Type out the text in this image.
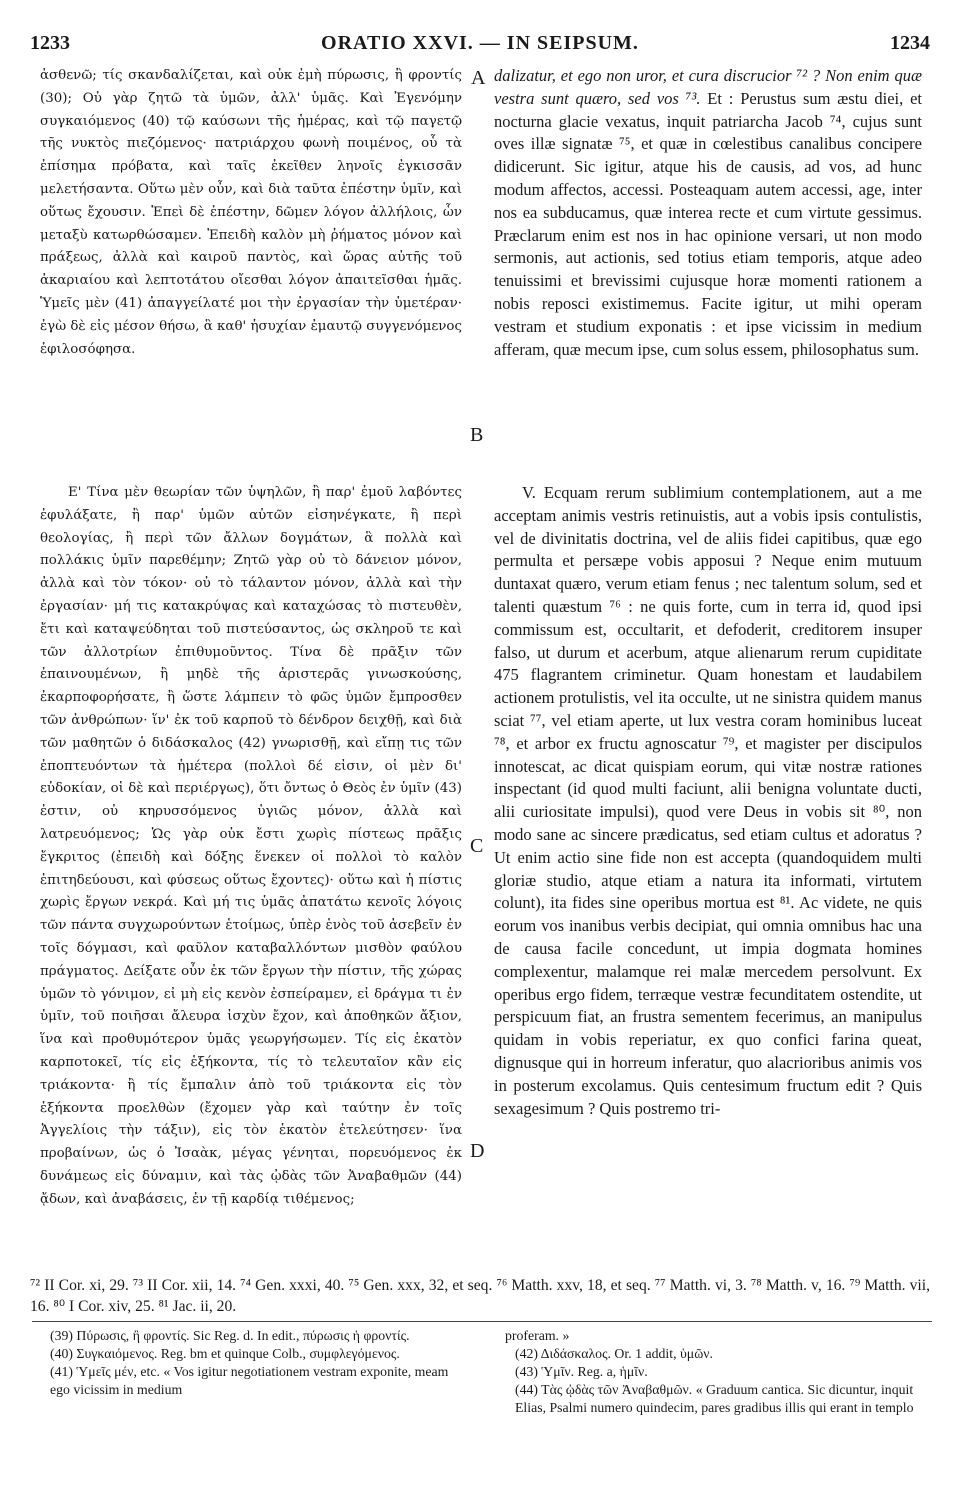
1233	ORATIO XXVI. — IN SEIPSUM.	1234

ἀσθενῶ; τίς σκανδαλίζεται, καὶ οὐκ ἐμὴ πύρωσις, ἢ φροντίς (30); Οὐ γὰρ ζητῶ τὰ ὑμῶν, ἀλλ' ὑμᾶς. Καὶ Ἐγενόμην συγκαιόμενος (40) τῷ καύσωνι τῆς ἡμέρας, καὶ τῷ παγετῷ τῆς νυκτὸς πιεζόμενος· πατριάρχου φωνὴ ποιμένος, οὗ τὰ ἐπίσημα πρόβατα, καὶ ταῖς ἐκεῖθεν ληνοῖς ἐγκισσᾶν μελετήσαντα. Οὕτω μὲν οὖν, καὶ διὰ ταῦτα ἐπέστην ὑμῖν, καὶ οὕτως ἔχουσιν. Ἐπεὶ δὲ ἐπέστην, δῶμεν λόγον ἀλλήλοις, ὧν μεταξὺ κατωρθώσαμεν. Ἐπειδὴ καλὸν μὴ ῥήματος μόνον καὶ πράξεως, ἀλλὰ καὶ καιροῦ παντὸς, καὶ ὥρας αὐτῆς τοῦ ἀκαριαίου καὶ λεπτοτάτου οἴεσθαι λόγον ἀπαιτεῖσθαι ἡμᾶς. Ὑμεῖς μὲν (41) ἀπαγγείλατέ μοι τὴν ἐργασίαν τὴν ὑμετέραν· ἐγὼ δὲ εἰς μέσον θήσω, ἃ καθ' ἡσυχίαν ἐμαυτῷ συγγενόμενος ἐφιλοσόφησα.

Ε' Τίνα μὲν θεωρίαν τῶν ὑψηλῶν, ἢ παρ' ἐμοῦ λαβόντες ἐφυλάξατε, ἢ παρ' ὑμῶν αὐτῶν εἰσηνέγκατε, ἢ περὶ θεολογίας, ἢ περὶ τῶν ἄλλων δογμάτων, ἃ πολλὰ καὶ πολλάκις ὑμῖν παρεθέμην; Ζητῶ γὰρ οὐ τὸ δάνειον μόνον, ἀλλὰ καὶ τὸν τόκον· οὐ τὸ τάλαντον μόνον, ἀλλὰ καὶ τὴν ἐργασίαν· μή τις κατακρύψας καὶ καταχώσας τὸ πιστευθὲν, ἔτι καὶ καταψεύδηται τοῦ πιστεύσαντος, ὡς σκληροῦ τε καὶ τῶν ἀλλοτρίων ἐπιθυμοῦντος. Τίνα δὲ πρᾶξιν τῶν ἐπαινουμένων, ἢ μηδὲ τῆς ἀριστερᾶς γινωσκούσης, ἐκαρποφορήσατε, ἢ ὥστε λάμπειν τὸ φῶς ὑμῶν ἔμπροσθεν τῶν ἀνθρώπων· ἵν' ἐκ τοῦ καρποῦ τὸ δένδρον δειχθῇ, καὶ διὰ τῶν μαθητῶν ὁ διδάσκαλος (42) γνωρισθῇ, καὶ εἴπῃ τις τῶν ἐποπτευόντων τὰ ἡμέτερα (πολλοὶ δέ εἰσιν, οἱ μὲν δι' εὐδοκίαν, οἱ δὲ καὶ περιέργως), ὅτι ὄντως ὁ Θεὸς ἐν ὑμῖν (43) ἐστιν, οὐ κηρυσσόμενος ὑγιῶς μόνον, ἀλλὰ καὶ λατρευόμενος; Ὡς γὰρ οὐκ ἔστι χωρὶς πίστεως πρᾶξις ἔγκριτος (ἐπειδὴ καὶ δόξης ἕνεκεν οἱ πολλοὶ τὸ καλὸν ἐπιτηδεύουσι, καὶ φύσεως οὕτως ἔχοντες)· οὕτω καὶ ἡ πίστις χωρὶς ἔργων νεκρά. Καὶ μή τις ὑμᾶς ἀπατάτω κενοῖς λόγοις τῶν πάντα συγχωρούντων ἑτοίμως, ὑπὲρ ἑνὸς τοῦ ἀσεβεῖν ἐν τοῖς δόγμασι, καὶ φαῦλον καταβαλλόντων μισθὸν φαύλου πράγματος. Δείξατε οὖν ἐκ τῶν ἔργων τὴν πίστιν, τῆς χώρας ὑμῶν τὸ γόνιμον, εἰ μὴ εἰς κενὸν ἐσπείραμεν, εἰ δράγμα τι ἐν ὑμῖν, τοῦ ποιῆσαι ἄλευρα ἰσχὺν ἔχον, καὶ ἀποθηκῶν ἄξιον, ἵνα καὶ προθυμότερον ὑμᾶς γεωργήσωμεν. Τίς εἰς ἑκατὸν καρποτοκεῖ, τίς εἰς ἑξήκοντα, τίς τὸ τελευταῖον κἂν εἰς τριάκοντα· ἢ τίς ἔμπαλιν ἀπὸ τοῦ τριάκοντα εἰς τὸν ἑξήκοντα προελθὼν (ἔχομεν γὰρ καὶ ταύτην ἐν τοῖς Ἀγγελίοις τὴν τάξιν), εἰς τὸν ἑκατὸν ἐτελεύτησεν· ἵνα προβαίνων, ὡς ὁ Ἰσαὰκ, μέγας γένηται, πορευόμενος ἐκ δυνάμεως εἰς δύναμιν, καὶ τὰς ᾠδὰς τῶν Ἀναβαθμῶν (44) ᾄδων, καὶ ἀναβάσεις, ἐν τῇ καρδίᾳ τιθέμενος;

dalizatur, et ego non uror, et cura discrucior ⁷² ? Non enim quæ vestra sunt quæro, sed vos ⁷³. Et : Perustus sum æstu diei, et nocturna glacie vexatus, inquit patriarcha Jacob ⁷⁴, cujus sunt oves illæ signatæ ⁷⁵, et quæ in cœlestibus canalibus concipere didicerunt. Sic igitur, atque his de causis, ad vos, ad hunc modum affectos, accessi. Posteaquam autem accessi, age, inter nos ea subducamus, quæ interea recte et cum virtute gessimus. Præclarum enim est nos in hac opinione versari, ut non modo sermonis, aut actionis, sed totius etiam temporis, atque adeo tenuissimi et brevissimi cujusque horæ momenti rationem a nobis reposci existimemus. Facite igitur, ut mihi operam vestram et studium exponatis : et ipse vicissim in medium afferam, quæ mecum ipse, cum solus essem, philosophatus sum.

V. Ecquam rerum sublimium contemplationem, aut a me acceptam animis vestris retinuistis, aut a vobis ipsis contulistis, vel de divinitatis doctrina, vel de aliis fidei capitibus, quæ ego permulta et persæpe vobis apposui ? Neque enim mutuum duntaxat quæro, verum etiam fenus ; nec talentum solum, sed et talenti quæstum ⁷⁶ : ne quis forte, cum in terra id, quod ipsi commissum est, occultarit, et defoderit, creditorem insuper falso, ut durum et acerbum, atque alienarum rerum cupiditate 475 flagrantem criminetur. Quam honestam et laudabilem actionem protulistis, vel ita occulte, ut ne sinistra quidem manus sciat ⁷⁷, vel etiam aperte, ut lux vestra coram hominibus luceat ⁷⁸, et arbor ex fructu agnoscatur ⁷⁹, et magister per discipulos innotescat, ac dicat quispiam eorum, qui vitæ nostræ rationes inspectant (id quod multi faciunt, alii benigna voluntate ducti, alii curiositate impulsi), quod vere Deus in vobis sit ⁸⁰, non modo sane ac sincere prædicatus, sed etiam cultus et adoratus ? Ut enim actio sine fide non est accepta (quandoquidem multi gloriæ studio, atque etiam a natura ita informati, virtutem colunt), ita fides sine operibus mortua est ⁸¹. Ac videte, ne quis eorum vos inanibus verbis decipiat, qui omnia omnibus hac una de causa facile concedunt, ut impia dogmata homines complexentur, malamque rei malæ mercedem persolvunt. Ex operibus ergo fidem, terræque vestræ fecunditatem ostendite, ut perspicuum fiat, an frustra sementem fecerimus, an manipulus quidam in vobis reperiatur, ex quo confici farina queat, dignusque qui in horreum inferatur, quo alacrioribus animis vos in posterum excolamus. Quis centesimum fructum edit ? Quis sexagesimum ? Quis postremo tri-

A
B
C
D
⁷² II Cor. xi, 29. ⁷³ II Cor. xii, 14. ⁷⁴ Gen. xxxi, 40. ⁷⁵ Gen. xxx, 32, et seq. ⁷⁶ Matth. xxv, 18, et seq. ⁷⁷ Matth. vi, 3. ⁷⁸ Matth. v, 16. ⁷⁹ Matth. vii, 16. ⁸⁰ I Cor. xiv, 25. ⁸¹ Jac. ii, 20.

(39) Πύρωσις, ἢ φροντίς. Sic Reg. d. In edit., πύρωσις ἡ φροντίς.

(40) Συγκαιόμενος. Reg. bm et quinque Colb., συμφλεγόμενος.

(41) Ὑμεῖς μέν, etc. « Vos igitur negotiationem vestram exponite, meam ego vicissim in medium

proferam. »

(42) Διδάσκαλος. Or. 1 addit, ὑμῶν.

(43) Ὑμῖν. Reg. a, ἡμῖν.

(44) Τὰς ᾠδὰς τῶν Ἀναβαθμῶν. « Graduum cantica. Sic dicuntur, inquit Elias, Psalmi numero quindecim, pares gradibus illis qui erant in templo
